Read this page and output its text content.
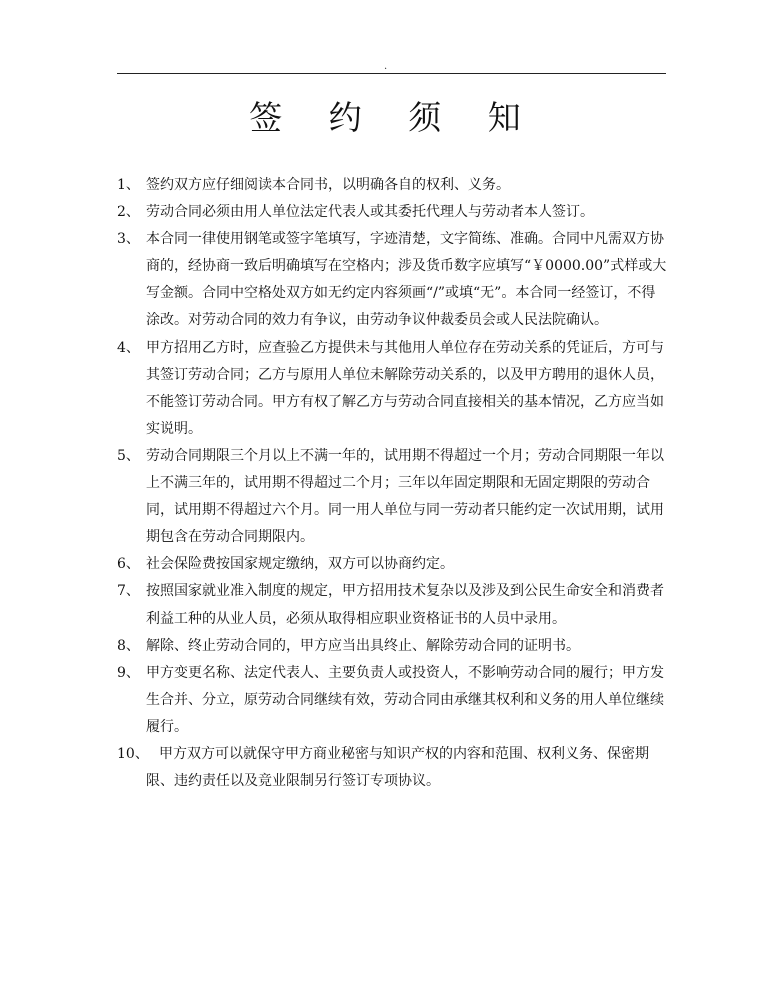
.
签 约 须 知
1、 签约双方应仔细阅读本合同书，以明确各自的权利、义务。
2、 劳动合同必须由用人单位法定代表人或其委托代理人与劳动者本人签订。
3、 本合同一律使用钢笔或签字笔填写，字迹清楚，文字简练、准确。合同中凡需双方协商的，经协商一致后明确填写在空格内；涉及货币数字应填写“￥0000.00”式样或大写金额。合同中空格处双方如无约定内容须画“/”或填“无”。本合同一经签订，不得涂改。对劳动合同的效力有争议，由劳动争议仲裁委员会或人民法院确认。
4、 甲方招用乙方时，应查验乙方提供未与其他用人单位存在劳动关系的凭证后，方可与其签订劳动合同；乙方与原用人单位未解除劳动关系的，以及甲方聘用的退休人员，不能签订劳动合同。甲方有权了解乙方与劳动合同直接相关的基本情况，乙方应当如实说明。
5、 劳动合同期限三个月以上不满一年的，试用期不得超过一个月；劳动合同期限一年以上不满三年的，试用期不得超过二个月；三年以年固定期限和无固定期限的劳动合同，试用期不得超过六个月。同一用人单位与同一劳动者只能约定一次试用期，试用期包含在劳动合同期限内。
6、 社会保险费按国家规定缴纳，双方可以协商约定。
7、 按照国家就业准入制度的规定，甲方招用技术复杂以及涉及到公民生命安全和消费者利益工种的从业人员，必须从取得相应职业资格证书的人员中录用。
8、 解除、终止劳动合同的，甲方应当出具终止、解除劳动合同的证明书。
9、 甲方变更名称、法定代表人、主要负责人或投资人，不影响劳动合同的履行；甲方发生合并、分立，原劳动合同继续有效，劳动合同由承继其权利和义务的用人单位继续履行。
10、 甲方双方可以就保守甲方商业秘密与知识产权的内容和范围、权利义务、保密期限、违约责任以及竞业限制另行签订专项协议。
